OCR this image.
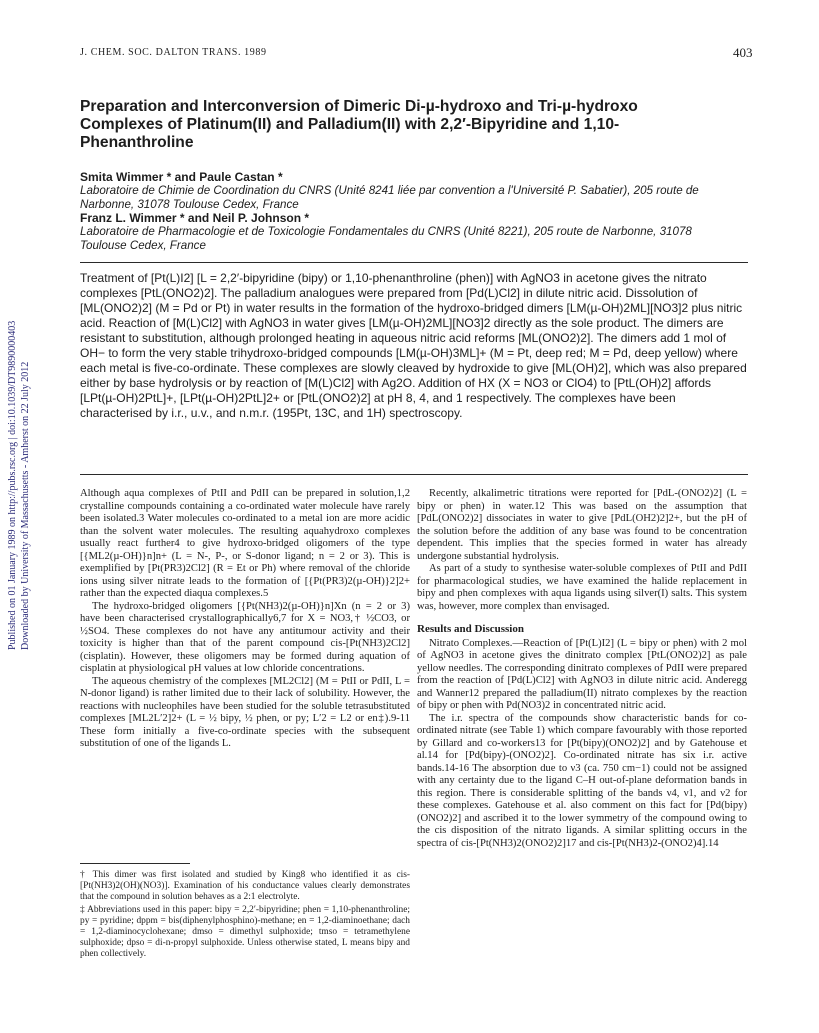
J. CHEM. SOC. DALTON TRANS. 1989	403
Preparation and Interconversion of Dimeric Di-µ-hydroxo and Tri-µ-hydroxo Complexes of Platinum(II) and Palladium(II) with 2,2′-Bipyridine and 1,10-Phenanthroline
Smita Wimmer * and Paule Castan *
Laboratoire de Chimie de Coordination du CNRS (Unité 8241 liée par convention a l'Université P. Sabatier), 205 route de Narbonne, 31078 Toulouse Cedex, France
Franz L. Wimmer * and Neil P. Johnson *
Laboratoire de Pharmacologie et de Toxicologie Fondamentales du CNRS (Unité 8221), 205 route de Narbonne, 31078 Toulouse Cedex, France
Treatment of [Pt(L)I2] [L = 2,2′-bipyridine (bipy) or 1,10-phenanthroline (phen)] with AgNO3 in acetone gives the nitrato complexes [PtL(ONO2)2]. The palladium analogues were prepared from [Pd(L)Cl2] in dilute nitric acid. Dissolution of [ML(ONO2)2] (M = Pd or Pt) in water results in the formation of the hydroxo-bridged dimers [LM(µ-OH)2ML][NO3]2 plus nitric acid. Reaction of [M(L)Cl2] with AgNO3 in water gives [LM(µ-OH)2ML][NO3]2 directly as the sole product. The dimers are resistant to substitution, although prolonged heating in aqueous nitric acid reforms [ML(ONO2)2]. The dimers add 1 mol of OH− to form the very stable trihydroxo-bridged compounds [LM(µ-OH)3ML]+ (M = Pt, deep red; M = Pd, deep yellow) where each metal is five-co-ordinate. These complexes are slowly cleaved by hydroxide to give [ML(OH)2], which was also prepared either by base hydrolysis or by reaction of [M(L)Cl2] with Ag2O. Addition of HX (X = NO3 or ClO4) to [PtL(OH)2] affords [LPt(µ-OH)2PtL]+, [LPt(µ-OH)2PtL]2+ or [PtL(ONO2)2] at pH 8, 4, and 1 respectively. The complexes have been characterised by i.r., u.v., and n.m.r. (195Pt, 13C, and 1H) spectroscopy.

Although aqua complexes of PtII and PdII can be prepared in solution,1,2 crystalline compounds containing a co-ordinated water molecule have rarely been isolated.3 Water molecules co-ordinated to a metal ion are more acidic than the solvent water molecules. The resulting aquahydroxo complexes usually react further4 to give hydroxo-bridged oligomers of the type [{ML2(µ-OH)}n]n+ (L = N-, P-, or S-donor ligand; n = 2 or 3). This is exemplified by [Pt(PR3)2Cl2] (R = Et or Ph) where removal of the chloride ions using silver nitrate leads to the formation of [{Pt(PR3)2(µ-OH)}2]2+ rather than the expected diaqua complexes.5

The hydroxo-bridged oligomers [{Pt(NH3)2(µ-OH)}n]Xn (n = 2 or 3) have been characterised crystallographically6,7 for X = NO3,† ½CO3, or ½SO4. These complexes do not have any antitumour activity and their toxicity is higher than that of the parent compound cis-[Pt(NH3)2Cl2] (cisplatin). However, these oligomers may be formed during aquation of cisplatin at physiological pH values at low chloride concentrations.

The aqueous chemistry of the complexes [ML2Cl2] (M = PtII or PdII, L = N-donor ligand) is rather limited due to their lack of solubility. However, the reactions with nucleophiles have been studied for the soluble tetrasubstituted complexes [ML2L′2]2+ (L = ½ bipy, ½ phen, or py; L′2 = L2 or en‡).9-11 These form initially a five-co-ordinate species with the subsequent substitution of one of the ligands L.

† This dimer was first isolated and studied by King8 who identified it as cis-[Pt(NH3)2(OH)(NO3)]. Examination of his conductance values clearly demonstrates that the compound in solution behaves as a 2:1 electrolyte.

‡ Abbreviations used in this paper: bipy = 2,2′-bipyridine; phen = 1,10-phenanthroline; py = pyridine; dppm = bis(diphenylphosphino)-methane; en = 1,2-diaminoethane; dach = 1,2-diaminocyclohexane; dmso = dimethyl sulphoxide; tmso = tetramethylene sulphoxide; dpso = di-n-propyl sulphoxide. Unless otherwise stated, L means bipy and phen collectively.

Recently, alkalimetric titrations were reported for [PdL-(ONO2)2] (L = bipy or phen) in water.12 This was based on the assumption that [PdL(ONO2)2] dissociates in water to give [PdL(OH2)2]2+, but the pH of the solution before the addition of any base was found to be concentration dependent. This implies that the species formed in water has already undergone substantial hydrolysis.

As part of a study to synthesise water-soluble complexes of PtII and PdII for pharmacological studies, we have examined the halide replacement in bipy and phen complexes with aqua ligands using silver(I) salts. This system was, however, more complex than envisaged.

Results and Discussion

Nitrato Complexes.—Reaction of [Pt(L)I2] (L = bipy or phen) with 2 mol of AgNO3 in acetone gives the dinitrato complex [PtL(ONO2)2] as pale yellow needles. The corresponding dinitrato complexes of PdII were prepared from the reaction of [Pd(L)Cl2] with AgNO3 in dilute nitric acid. Anderegg and Wanner12 prepared the palladium(II) nitrato complexes by the reaction of bipy or phen with Pd(NO3)2 in concentrated nitric acid.

The i.r. spectra of the compounds show characteristic bands for co-ordinated nitrate (see Table 1) which compare favourably with those reported by Gillard and co-workers13 for [Pt(bipy)(ONO2)2] and by Gatehouse et al.14 for [Pd(bipy)-(ONO2)2]. Co-ordinated nitrate has six i.r. active bands.14-16 The absorption due to ν3 (ca. 750 cm−1) could not be assigned with any certainty due to the ligand C–H out-of-plane deformation bands in this region. There is considerable splitting of the bands ν4, ν1, and ν2 for these complexes. Gatehouse et al. also comment on this fact for [Pd(bipy)(ONO2)2] and ascribed it to the lower symmetry of the compound owing to the cis disposition of the nitrato ligands. A similar splitting occurs in the spectra of cis-[Pt(NH3)2(ONO2)2]17 and cis-[Pt(NH3)2-(ONO2)4].14

Published on 01 January 1989 on http://pubs.rsc.org | doi:10.1039/DT9890000403 Downloaded by University of Massachusetts - Amherst on 22 July 2012
